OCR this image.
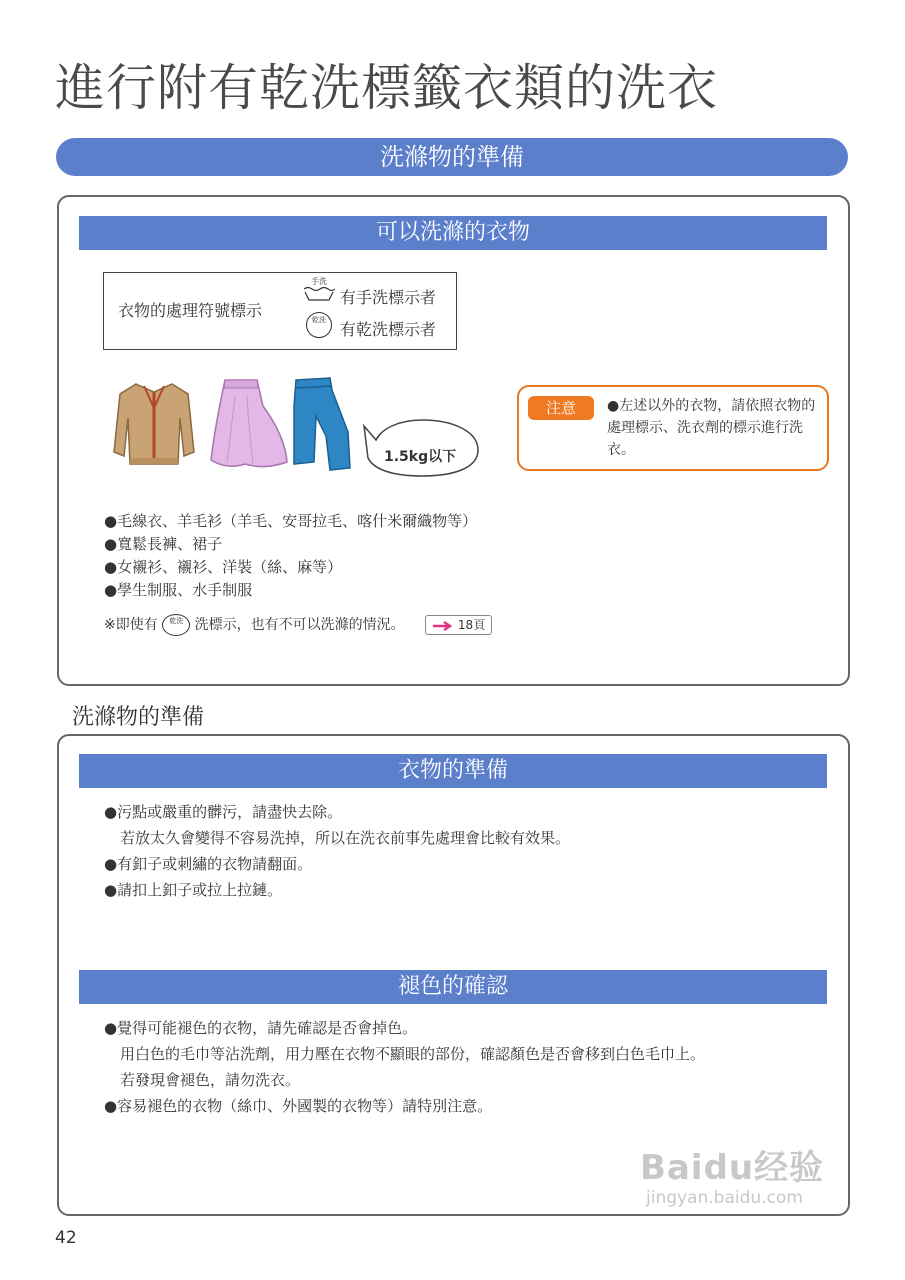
進行附有乾洗標籤衣類的洗衣
洗滌物的準備
可以洗滌的衣物
衣物的處理符號標示
手洗
有手洗標示者
乾洗 有乾洗標示者
1.5kg以下
注意	●左述以外的衣物，請依照衣物的處理標示、洗衣劑的標示進行洗衣。
●毛線衣、羊毛衫（羊毛、安哥拉毛、喀什米爾織物等）
●寬鬆長褲、裙子
●女襯衫、襯衫、洋裝（絲、麻等）
●學生制服、水手制服
※即使有 乾洗 洗標示，也有不可以洗滌的情況。	18頁
洗滌物的準備
衣物的準備
褪色的確認
●污點或嚴重的髒污，請盡快去除。
若放太久會變得不容易洗掉，所以在洗衣前事先處理會比較有效果。
●有釦子或刺繡的衣物請翻面。
●請扣上釦子或拉上拉鏈。
●覺得可能褪色的衣物，請先確認是否會掉色。
用白色的毛巾等沾洗劑，用力壓在衣物不顯眼的部份，確認顏色是否會移到白色毛巾上。
若發現會褪色，請勿洗衣。
●容易褪色的衣物（絲巾、外國製的衣物等）請特別注意。
42
Baidu经验
jingyan.baidu.com
